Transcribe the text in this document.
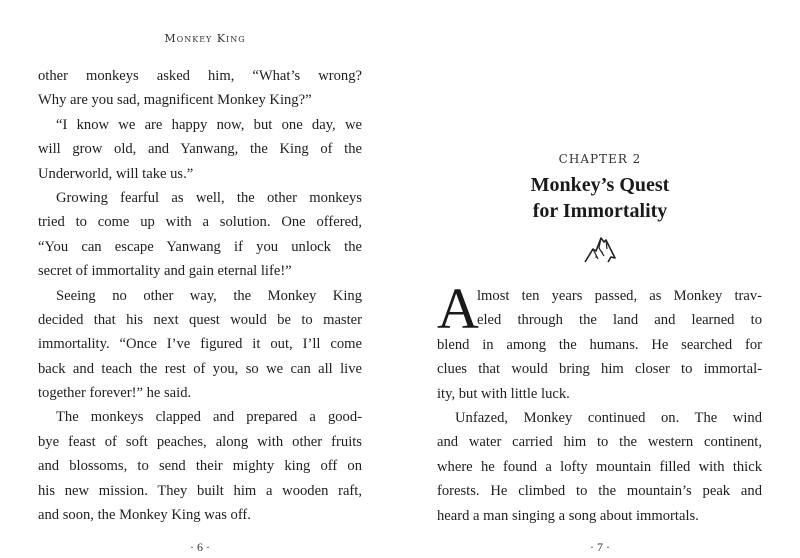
Monkey King
other monkeys asked him, “What’s wrong?
Why are you sad, magnificent Monkey King?”
“I know we are happy now, but one day, we
will grow old, and Yanwang, the King of the
Underworld, will take us.”
Growing fearful as well, the other monkeys
tried to come up with a solution. One offered,
“You can escape Yanwang if you unlock the
secret of immortality and gain eternal life!”
Seeing no other way, the Monkey King
decided that his next quest would be to master
immortality. “Once I’ve figured it out, I’ll come
back and teach the rest of you, so we can all live
together forever!” he said.
The monkeys clapped and prepared a good-
bye feast of soft peaches, along with other fruits
and blossoms, to send their mighty king off on
his new mission. They built him a wooden raft,
and soon, the Monkey King was off.
· 6 ·
CHAPTER 2
Monkey’s Quest
for Immortality
A
lmost ten years passed, as Monkey trav-
eled through the land and learned to
blend in among the humans. He searched for
clues that would bring him closer to immortal-
ity, but with little luck.
Unfazed, Monkey continued on. The wind
and water carried him to the western continent,
where he found a lofty mountain filled with thick
forests. He climbed to the mountain’s peak and
heard a man singing a song about immortals.
· 7 ·
